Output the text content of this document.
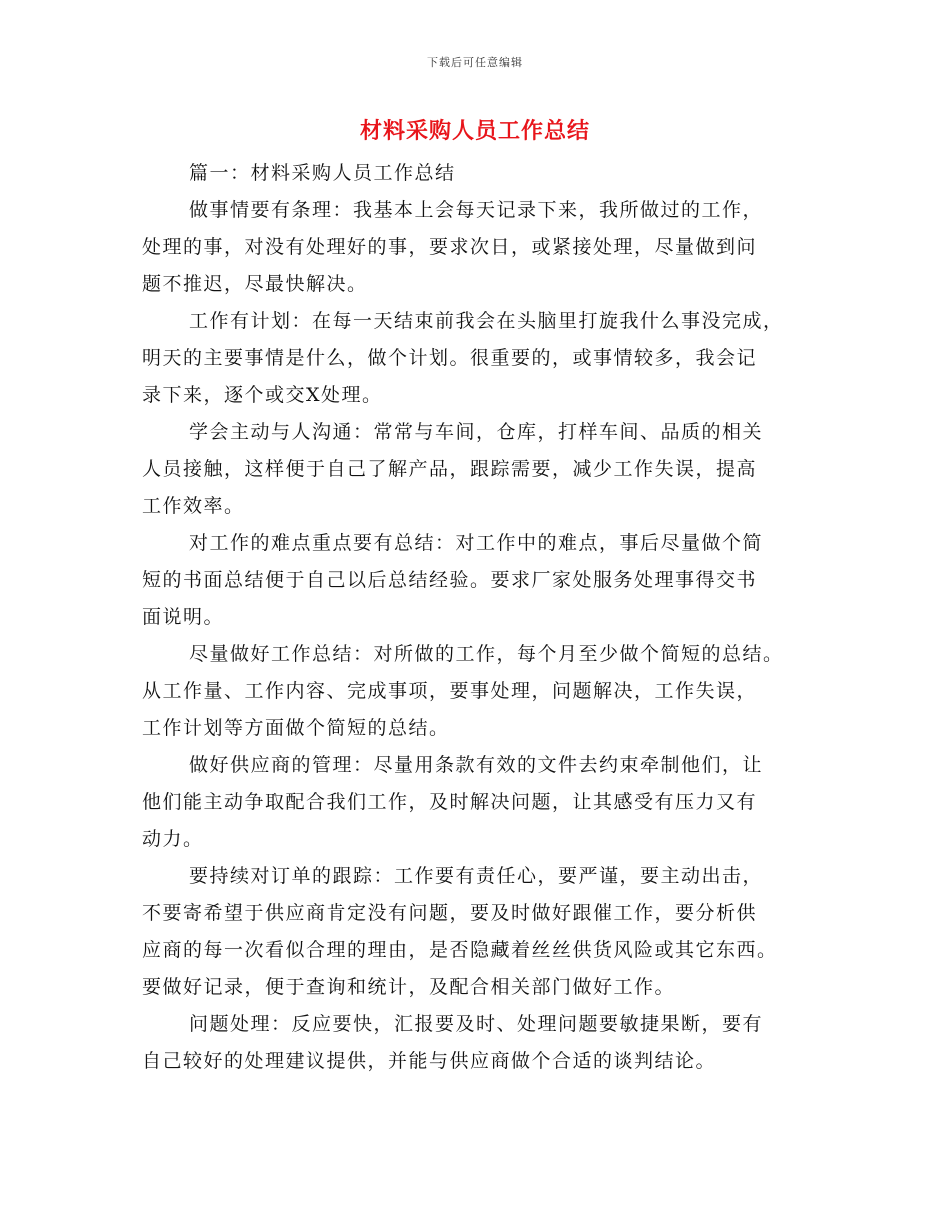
下载后可任意编辑
材料采购人员工作总结

篇一：材料采购人员工作总结

做事情要有条理：我基本上会每天记录下来，我所做过的工作，
处理的事，对没有处理好的事，要求次日，或紧接处理，尽量做到问
题不推迟，尽最快解决。

工作有计划：在每一天结束前我会在头脑里打旋我什么事没完成，
明天的主要事情是什么，做个计划。很重要的，或事情较多，我会记
录下来，逐个或交X处理。

学会主动与人沟通：常常与车间，仓库，打样车间、品质的相关
人员接触，这样便于自己了解产品，跟踪需要，减少工作失误，提高
工作效率。

对工作的难点重点要有总结：对工作中的难点，事后尽量做个简
短的书面总结便于自己以后总结经验。要求厂家处服务处理事得交书
面说明。

尽量做好工作总结：对所做的工作，每个月至少做个简短的总结。
从工作量、工作内容、完成事项，要事处理，问题解决，工作失误，
工作计划等方面做个简短的总结。

做好供应商的管理：尽量用条款有效的文件去约束牵制他们，让
他们能主动争取配合我们工作，及时解决问题，让其感受有压力又有
动力。

要持续对订单的跟踪：工作要有责任心，要严谨，要主动出击，
不要寄希望于供应商肯定没有问题，要及时做好跟催工作，要分析供
应商的每一次看似合理的理由，是否隐藏着丝丝供货风险或其它东西。
要做好记录，便于查询和统计，及配合相关部门做好工作。

问题处理：反应要快，汇报要及时、处理问题要敏捷果断，要有
自己较好的处理建议提供，并能与供应商做个合适的谈判结论。
